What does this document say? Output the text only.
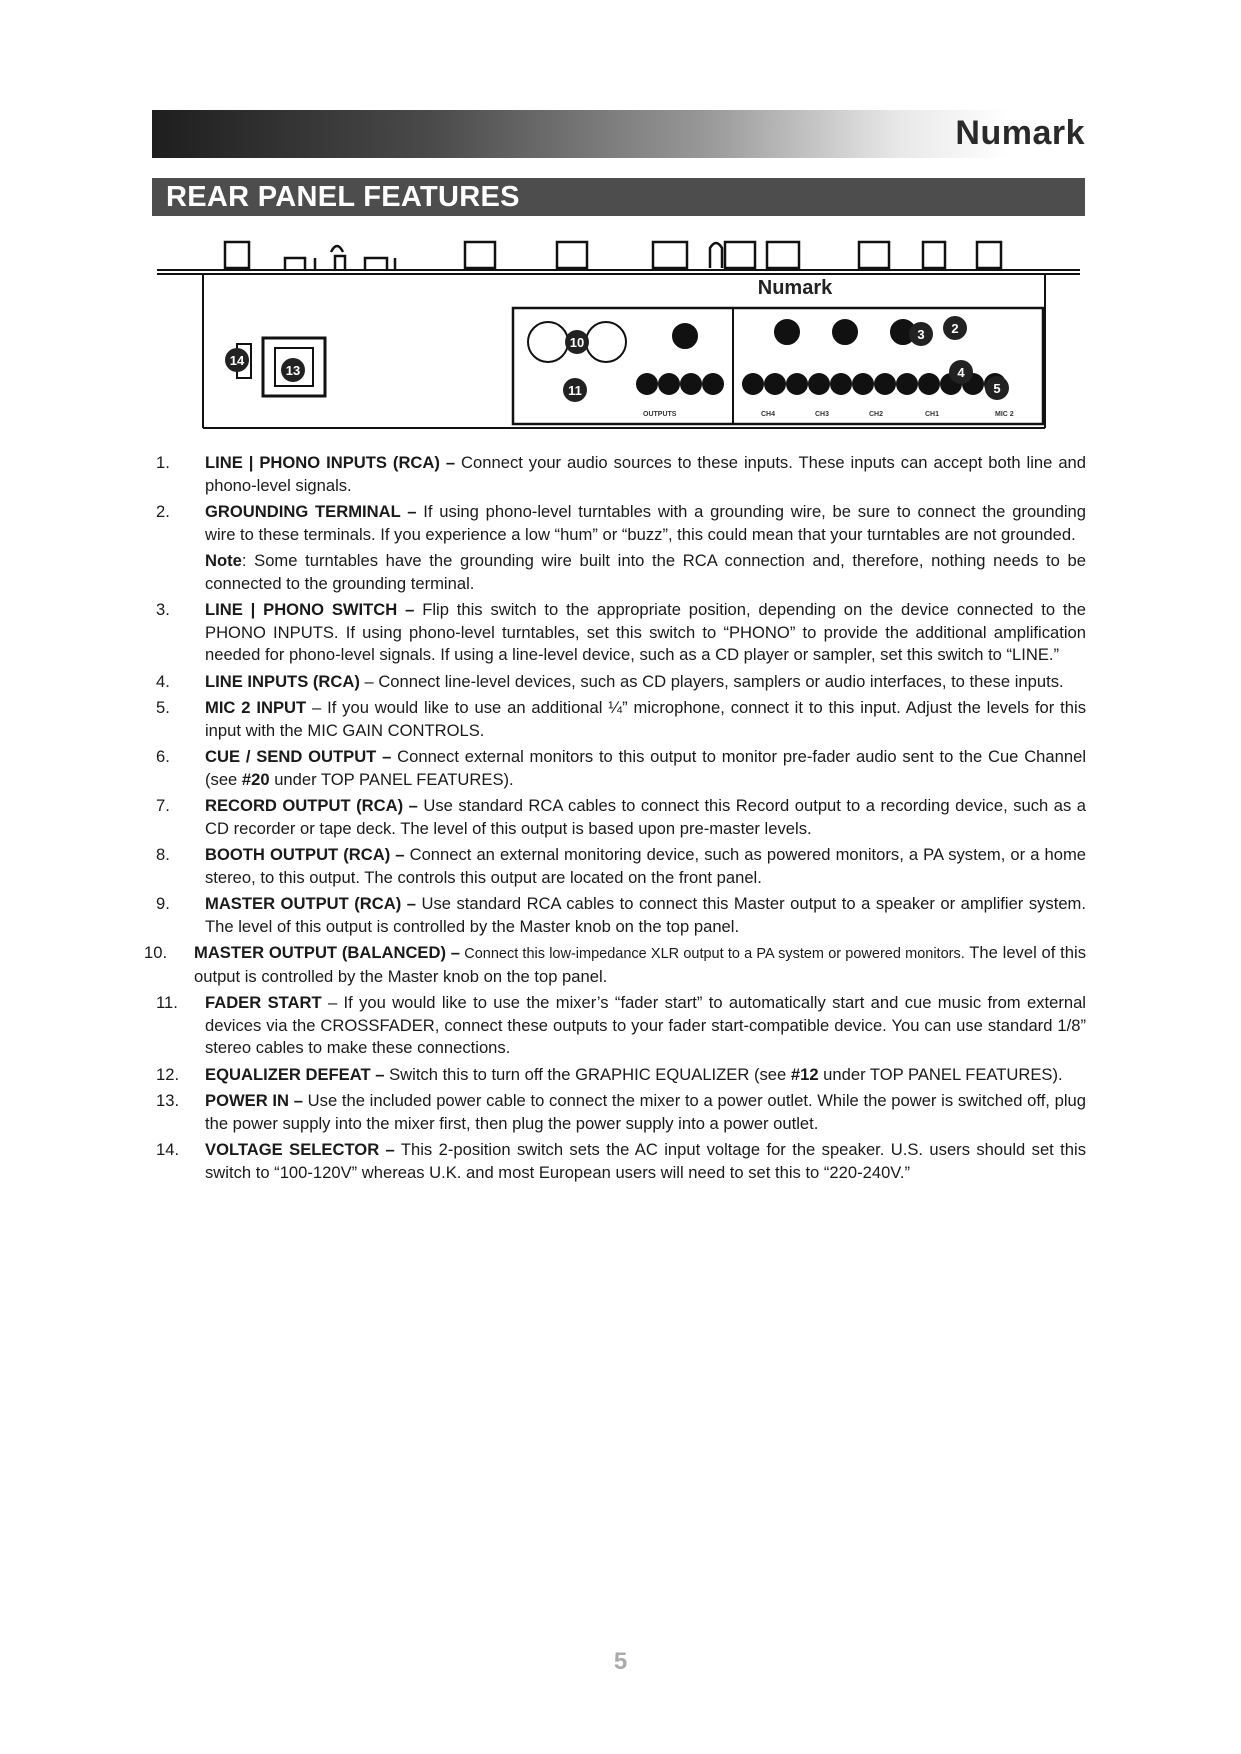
Numark
REAR PANEL FEATURES
Numark
OUTPUTS	CH4	CH3	CH2	CH1	MIC 2
14
13
10
11
3 2
4
5
1. LINE | PHONO INPUTS (RCA) – Connect your audio sources to these inputs. These inputs can accept both line and phono-level signals.

2. GROUNDING TERMINAL – If using phono-level turntables with a grounding wire, be sure to connect the grounding wire to these terminals. If you experience a low “hum” or “buzz”, this could mean that your turntables are not grounded.

Note: Some turntables have the grounding wire built into the RCA connection and, therefore, nothing needs to be connected to the grounding terminal.

3. LINE | PHONO SWITCH – Flip this switch to the appropriate position, depending on the device connected to the PHONO INPUTS. If using phono-level turntables, set this switch to “PHONO” to provide the additional amplification needed for phono-level signals. If using a line-level device, such as a CD player or sampler, set this switch to “LINE.”

4. LINE INPUTS (RCA) – Connect line-level devices, such as CD players, samplers or audio interfaces, to these inputs.

5. MIC 2 INPUT – If you would like to use an additional ¼” microphone, connect it to this input. Adjust the levels for this input with the MIC GAIN CONTROLS.

6. CUE / SEND OUTPUT – Connect external monitors to this output to monitor pre-fader audio sent to the Cue Channel (see #20 under TOP PANEL FEATURES).

7. RECORD OUTPUT (RCA) – Use standard RCA cables to connect this Record output to a recording device, such as a CD recorder or tape deck. The level of this output is based upon pre-master levels.

8. BOOTH OUTPUT (RCA) – Connect an external monitoring device, such as powered monitors, a PA system, or a home stereo, to this output. The controls this output are located on the front panel.

9. MASTER OUTPUT (RCA) – Use standard RCA cables to connect this Master output to a speaker or amplifier system. The level of this output is controlled by the Master knob on the top panel.

10. MASTER OUTPUT (BALANCED) – Connect this low-impedance XLR output to a PA system or powered monitors. The level of this output is controlled by the Master knob on the top panel.

11. FADER START – If you would like to use the mixer’s “fader start” to automatically start and cue music from external devices via the CROSSFADER, connect these outputs to your fader start-compatible device. You can use standard 1/8” stereo cables to make these connections.

12. EQUALIZER DEFEAT – Switch this to turn off the GRAPHIC EQUALIZER (see #12 under TOP PANEL FEATURES).

13. POWER IN – Use the included power cable to connect the mixer to a power outlet. While the power is switched off, plug the power supply into the mixer first, then plug the power supply into a power outlet.

14. VOLTAGE SELECTOR – This 2-position switch sets the AC input voltage for the speaker. U.S. users should set this switch to “100-120V” whereas U.K. and most European users will need to set this to “220-240V.”

5
